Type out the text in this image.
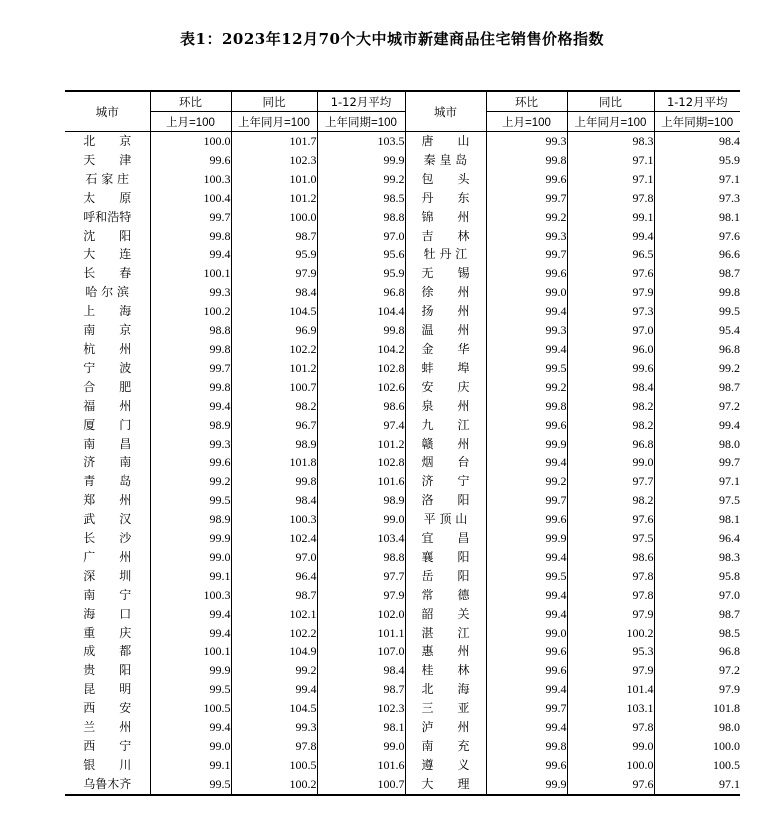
表1：2023年12月70个大中城市新建商品住宅销售价格指数
城市	环比	同比	1-12月平均	城市	环比	同比	1-12月平均
	上月=100	上年同月=100	上年同期=100		上月=100	上年同月=100	上年同期=100
北　　京	100.0	101.7	103.5	唐　　山	99.3	98.3	98.4
天　　津	99.6	102.3	99.9	秦 皇 岛	99.8	97.1	95.9
石 家 庄	100.3	101.0	99.2	包　　头	99.6	97.1	97.1
太　　原	100.4	101.2	98.5	丹　　东	99.7	97.8	97.3
呼和浩特	99.7	100.0	98.8	锦　　州	99.2	99.1	98.1
沈　　阳	99.8	98.7	97.0	吉　　林	99.3	99.4	97.6
大　　连	99.4	95.9	95.6	牡 丹 江	99.7	96.5	96.6
长　　春	100.1	97.9	95.9	无　　锡	99.6	97.6	98.7
哈 尔 滨	99.3	98.4	96.8	徐　　州	99.0	97.9	99.8
上　　海	100.2	104.5	104.4	扬　　州	99.4	97.3	99.5
南　　京	98.8	96.9	99.8	温　　州	99.3	97.0	95.4
杭　　州	99.8	102.2	104.2	金　　华	99.4	96.0	96.8
宁　　波	99.7	101.2	102.8	蚌　　埠	99.5	99.6	99.2
合　　肥	99.8	100.7	102.6	安　　庆	99.2	98.4	98.7
福　　州	99.4	98.2	98.6	泉　　州	99.8	98.2	97.2
厦　　门	98.9	96.7	97.4	九　　江	99.6	98.2	99.4
南　　昌	99.3	98.9	101.2	赣　　州	99.9	96.8	98.0
济　　南	99.6	101.8	102.8	烟　　台	99.4	99.0	99.7
青　　岛	99.2	99.8	101.6	济　　宁	99.2	97.7	97.1
郑　　州	99.5	98.4	98.9	洛　　阳	99.7	98.2	97.5
武　　汉	98.9	100.3	99.0	平 顶 山	99.6	97.6	98.1
长　　沙	99.9	102.4	103.4	宜　　昌	99.9	97.5	96.4
广　　州	99.0	97.0	98.8	襄　　阳	99.4	98.6	98.3
深　　圳	99.1	96.4	97.7	岳　　阳	99.5	97.8	95.8
南　　宁	100.3	98.7	97.9	常　　德	99.4	97.8	97.0
海　　口	99.4	102.1	102.0	韶　　关	99.4	97.9	98.7
重　　庆	99.4	102.2	101.1	湛　　江	99.0	100.2	98.5
成　　都	100.1	104.9	107.0	惠　　州	99.6	95.3	96.8
贵　　阳	99.9	99.2	98.4	桂　　林	99.6	97.9	97.2
昆　　明	99.5	99.4	98.7	北　　海	99.4	101.4	97.9
西　　安	100.5	104.5	102.3	三　　亚	99.7	103.1	101.8
兰　　州	99.4	99.3	98.1	泸　　州	99.4	97.8	98.0
西　　宁	99.0	97.8	99.0	南　　充	99.8	99.0	100.0
银　　川	99.1	100.5	101.6	遵　　义	99.6	100.0	100.5
乌鲁木齐	99.5	100.2	100.7	大　　理	99.9	97.6	97.1
